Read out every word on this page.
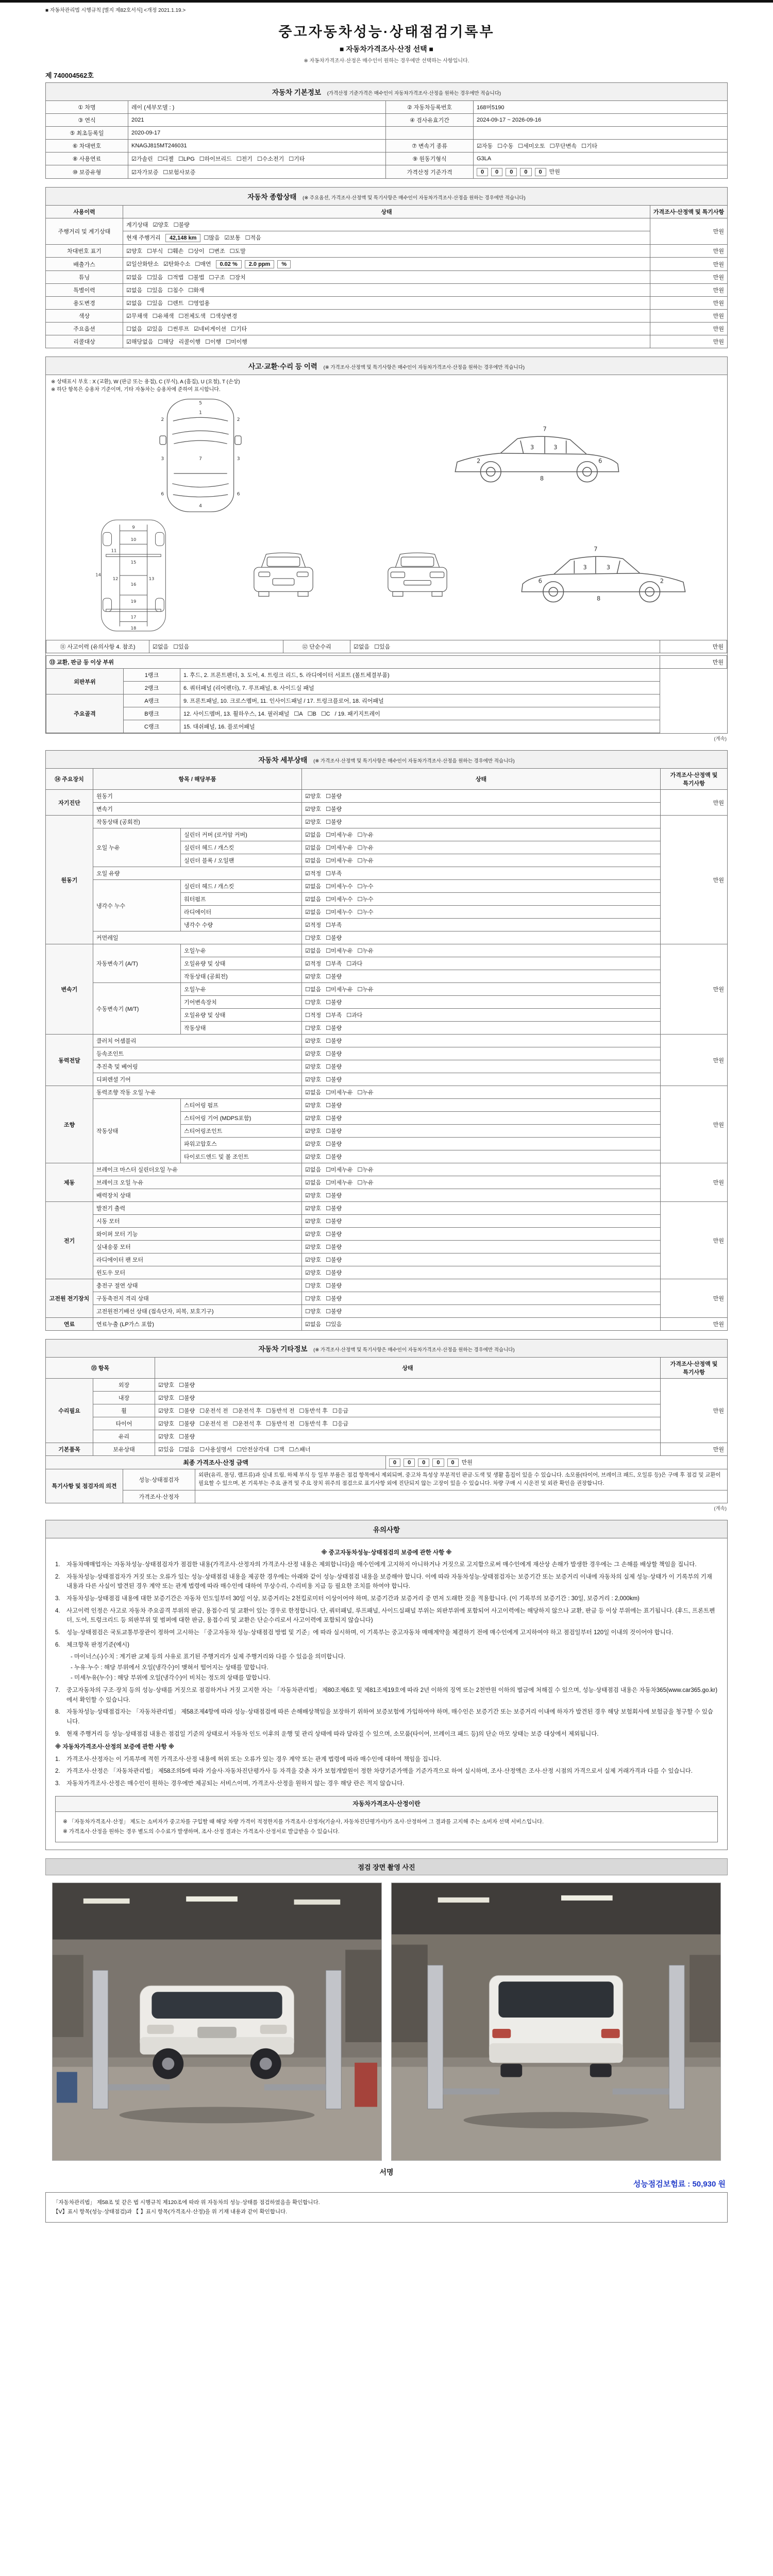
■ 자동차관리법 시행규칙 [별지 제82호서식] <개정 2021.1.19.>
중고자동차성능·상태점검기록부
■ 자동차가격조사·산정 선택 ■
※ 자동차가격조사·산정은 매수인이 원하는 경우에만 선택하는 사항입니다.
제 740004562호
자동차 기본정보 (가격산정 기준가격은 매수인이 자동차가격조사·산정을 원하는 경우에만 적습니다)			
① 차명	레이 (세부모델 : )	② 자동차등록번호	168머5190
③ 연식	2021	④ 검사유효기간	2024-09-17 ~ 2026-09-16
⑤ 최초등록일	2020-09-17		
⑥ 차대번호	KNAGJ815MT246031	⑦ 변속기 종류	☑자동 ☐수동 ☐세미오토 ☐무단변속 ☐기타
⑧ 사용연료	☑가솔린 ☐디젤 ☐LPG ☐하이브리드 ☐전기 ☐수소전기 ☐기타	⑨ 원동기형식	G3LA
⑩ 보증유형	☑자가보증 ☐보험사보증	가격산정 기준가격	0 0 0 0 0 만원
자동차 종합상태 (※ 주요옵션, 가격조사·산정액 및 특기사항은 매수인이 자동차가격조사·산정을 원하는 경우에만 적습니다)		
사용이력	상태	가격조사·산정액 및 특기사항
주행거리 및 계기상태	계기상태 ☑양호 ☐불량	만원
	현재 주행거리 42,148 km ☐많음 ☑보통 ☐적음	
차대번호 표기	☑양호 ☐부식 ☐훼손 ☐상이 ☐변조 ☐도말	만원
배출가스	☑일산화탄소 ☑탄화수소 ☐매연 0.02 % 2.0 ppm%	만원
튜닝	☑없음 ☐있음 ☐적법 ☐불법 ☐구조 ☐장치	만원
특별이력	☑없음 ☐있음 ☐침수 ☐화재	만원
용도변경	☑없음 ☐있음 ☐렌트 ☐영업용	만원
색상	☑무채색 ☐유채색 ☐전체도색 ☐색상변경	만원
주요옵션	☐없음 ☑있음 ☐썬루프 ☑네비게이션 ☐기타	만원
리콜대상	☑해당없음 ☐해당 리콜이행 ☐이행 ☐미이행	만원
사고·교환·수리 등 이력 (※ 가격조사·산정액 및 특기사항은 매수인이 자동차가격조사·산정을 원하는 경우에만 적습니다)
※ 상태표시 부호 : X (교환), W (판금 또는 용접), C (부식), A (흠집), U (요철), T (손상)
※ 하단 항목은 승용차 기준이며, 기타 자동차는 승용차에 준하여 표시합니다.
5
1
7
4
2	2
3	3
6	6
2
3	3
6
8
7
9
10
11
15
12	13
16
19
17
18
14
2
3
3
6
8
7
⑪ 사고이력 (유의사항 4. 참조)	☑없음 ☐있음	⑫ 단순수리	☑없음 ☐있음	만원
⑬ 교환, 판금 등 이상 부위			만원
외판부위	1랭크	1. 후드, 2. 프론트펜더, 3. 도어, 4. 트렁크 리드, 5. 라디에이터 서포트 (볼트체결부품)	
	2랭크	6. 쿼터패널 (리어펜더), 7. 루프패널, 8. 사이드실 패널	
주요골격	A랭크	9. 프론트패널, 10. 크로스멤버, 11. 인사이드패널 / 17. 트렁크플로어, 18. 리어패널	
	B랭크	12. 사이드멤버, 13. 휠하우스, 14. 필러패널 ☐A ☐B ☐C / 19. 패키지트레이	
	C랭크	15. 대쉬패널, 16. 플로어패널	
(계속)
자동차 세부상태 (※ 가격조사·산정액 및 특기사항은 매수인이 자동차가격조사·산정을 원하는 경우에만 적습니다)				
⑭ 주요장치	항목 / 해당부품		상태	가격조사·산정액 및 특기사항
자기진단	원동기		☑양호 ☐불량	만원
	변속기		☑양호 ☐불량	
원동기	작동상태 (공회전)		☑양호 ☐불량	만원
	오일 누유	실린더 커버 (로커암 커버)	☑없음 ☐미세누유 ☐누유	
		실린더 헤드 / 개스킷	☑없음 ☐미세누유 ☐누유	
		실린더 블록 / 오일팬	☑없음 ☐미세누유 ☐누유	
	오일 유량		☑적정 ☐부족	
	냉각수 누수	실린더 헤드 / 개스킷	☑없음 ☐미세누수 ☐누수	
		워터펌프	☑없음 ☐미세누수 ☐누수	
		라디에이터	☑없음 ☐미세누수 ☐누수	
		냉각수 수량	☑적정 ☐부족	
	커먼레일		☐양호 ☐불량	
변속기	자동변속기 (A/T)	오일누유	☑없음 ☐미세누유 ☐누유	만원
		오일유량 및 상태	☑적정 ☐부족 ☐과다	
		작동상태 (공회전)	☑양호 ☐불량	
	수동변속기 (M/T)	오일누유	☐없음 ☐미세누유 ☐누유	
		기어변속장치	☐양호 ☐불량	
		오일유량 및 상태	☐적정 ☐부족 ☐과다	
		작동상태	☐양호 ☐불량	
동력전달	클러치 어셈블리		☑양호 ☐불량	만원
	등속조인트		☑양호 ☐불량	
	추진축 및 베어링		☑양호 ☐불량	
	디퍼렌셜 기어		☑양호 ☐불량	
조향	동력조향 작동 오일 누유		☑없음 ☐미세누유 ☐누유	만원
	작동상태	스티어링 펌프	☑양호 ☐불량	
		스티어링 기어 (MDPS포함)	☑양호 ☐불량	
		스티어링조인트	☑양호 ☐불량	
		파워고압호스	☑양호 ☐불량	
		타이로드엔드 및 볼 조인트	☑양호 ☐불량	
제동	브레이크 마스터 실린더오일 누유		☑없음 ☐미세누유 ☐누유	만원
	브레이크 오일 누유		☑없음 ☐미세누유 ☐누유	
	배력장치 상태		☑양호 ☐불량	
전기	발전기 출력		☑양호 ☐불량	만원
	시동 모터		☑양호 ☐불량	
	와이퍼 모터 기능		☑양호 ☐불량	
	실내송풍 모터		☑양호 ☐불량	
	라디에이터 팬 모터		☑양호 ☐불량	
	윈도우 모터		☑양호 ☐불량	
고전원 전기장치	충전구 절연 상태		☐양호 ☐불량	만원
	구동축전지 격리 상태		☐양호 ☐불량	
	고전원전기배선 상태 (접속단자, 피복, 보호기구)		☐양호 ☐불량	
연료	연료누출 (LP가스 포함)		☑없음 ☐있음	만원
자동차 기타정보 (※ 가격조사·산정액 및 특기사항은 매수인이 자동차가격조사·산정을 원하는 경우에만 적습니다)			
⑮ 항목		상태	가격조사·산정액 및 특기사항
수리필요	외장	☑양호 ☐불량	만원
	내장	☑양호 ☐불량	
	휠	☑양호 ☐불량 ☐운전석 전 ☐운전석 후 ☐동반석 전 ☐동반석 후 ☐응급	
	타이어	☑양호 ☐불량 ☐운전석 전 ☐운전석 후 ☐동반석 전 ☐동반석 후 ☐응급	
	유리	☑양호 ☐불량	
기본품목	보유상태	☑있음 ☐없음 ☐사용설명서 ☐안전삼각대 ☐잭 ☐스패너	만원
최종 가격조사·산정 금액	0 0 0 0 0 만원
특기사항 및 점검자의 의견	성능·상태점검자	외판(유리, 몰딩, 램프류)과 실내 트림, 하체 부식 등 일부 부품은 점검 항목에서 제외되며, 중고차 특성상 부분적인 판금·도색 및 생활 흠집이 있을 수 있습니다. 소모품(타이어, 브레이크 패드, 오일류 등)은 구매 후 점검 및 교환이 필요할 수 있으며, 본 기록부는 주요 골격 및 주요 장치 위주의 점검으로 표기사항 외에 진단되지 않는 고장이 있을 수 있습니다. 차량 구매 시 시운전 및 외관 확인을 권장합니다.
	가격조사·산정자	
(계속)
유의사항
※ 중고자동차성능·상태점검의 보증에 관한 사항 ※
1.	자동차매매업자는 자동차성능·상태점검자가 점검한 내용(가격조사·산정자의 가격조사·산정 내용은 제외합니다)을 매수인에게 고지하지 아니하거나 거짓으로 고지함으로써 매수인에게 재산상 손해가 발생한 경우에는 그 손해를 배상할 책임을 집니다.
2.	자동차성능·상태점검자가 거짓 또는 오류가 있는 성능·상태점검 내용을 제공한 경우에는 아래와 같이 성능·상태점검 내용을 보증해야 합니다. 이에 따라 자동차성능·상태점검자는 보증기간 또는 보증거리 이내에 자동차의 실제 성능·상태가 이 기록부의 기재 내용과 다른 사실이 발견된 경우 계약 또는 관계 법령에 따라 매수인에 대하여 무상수리, 수리비용 지급 등 필요한 조치를 하여야 합니다.
3.	자동차성능·상태점검 내용에 대한 보증기간은 자동차 인도일부터 30일 이상, 보증거리는 2천킬로미터 이상이어야 하며, 보증기간과 보증거리 중 먼저 도래한 것을 적용합니다. (이 기록부의 보증기간 : 30일, 보증거리 : 2,000km)
4.	사고이력 인정은 사고로 자동차 주요골격 부위의 판금, 용접수리 및 교환이 있는 경우로 한정합니다. 단, 쿼터패널, 루프패널, 사이드실패널 부위는 외판부위에 포함되어 사고이력에는 해당하지 않으나 교환, 판금 등 이상 부위에는 표기됩니다. (후드, 프론트펜더, 도어, 트렁크리드 등 외판부위 및 범퍼에 대한 판금, 용접수리 및 교환은 단순수리로서 사고이력에 포함되지 않습니다)
5.	성능·상태점검은 국토교통부장관이 정하여 고시하는 「중고자동차 성능·상태점검 방법 및 기준」에 따라 실시하며, 이 기록부는 중고자동차 매매계약을 체결하기 전에 매수인에게 고지하여야 하고 점검일부터 120일 이내의 것이어야 합니다.
6.	체크항목 판정기준(예시)
- 마이너스(-)수치 : 계기판 교체 등의 사유로 표기된 주행거리가 실제 주행거리와 다를 수 있음을 의미합니다.
- 누유·누수 : 해당 부위에서 오일(냉각수)이 맺혀서 떨어지는 상태를 말합니다.
- 미세누유(누수) : 해당 부위에 오일(냉각수)이 비치는 정도의 상태를 말합니다.
7.	중고자동차의 구조·장치 등의 성능·상태를 거짓으로 점검하거나 거짓 고지한 자는 「자동차관리법」 제80조제6호 및 제81조제19호에 따라 2년 이하의 징역 또는 2천만원 이하의 벌금에 처해질 수 있으며, 성능·상태점검 내용은 자동차365(www.car365.go.kr)에서 확인할 수 있습니다.
8.	자동차성능·상태점검자는 「자동차관리법」 제58조제4항에 따라 성능·상태점검에 따른 손해배상책임을 보장하기 위하여 보증보험에 가입하여야 하며, 매수인은 보증기간 또는 보증거리 이내에 하자가 발견된 경우 해당 보험회사에 보험금을 청구할 수 있습니다.
9.	현재 주행거리 등 성능·상태점검 내용은 점검일 기준의 상태로서 자동차 인도 이후의 운행 및 관리 상태에 따라 달라질 수 있으며, 소모품(타이어, 브레이크 패드 등)의 단순 마모 상태는 보증 대상에서 제외됩니다.
※ 자동차가격조사·산정의 보증에 관한 사항 ※
1.	가격조사·산정자는 이 기록부에 적힌 가격조사·산정 내용에 허위 또는 오류가 있는 경우 계약 또는 관계 법령에 따라 매수인에 대하여 책임을 집니다.
2.	가격조사·산정은 「자동차관리법」 제58조의5에 따라 기술사·자동차진단평가사 등 자격을 갖춘 자가 보험개발원이 정한 차량기준가액을 기준가격으로 하여 실시하며, 조사·산정액은 조사·산정 시점의 가격으로서 실제 거래가격과 다를 수 있습니다.
3.	자동차가격조사·산정은 매수인이 원하는 경우에만 제공되는 서비스이며, 가격조사·산정을 원하지 않는 경우 해당 란은 적지 않습니다.
자동차가격조사·산정이란
※ 「자동차가격조사·산정」 제도는 소비자가 중고차를 구입할 때 해당 차량 가격이 적정한지를 가격조사·산정자(기술사, 자동차진단평가사)가 조사·산정하여 그 결과를 고지해 주는 소비자 선택 서비스입니다.
※ 가격조사·산정을 원하는 경우 별도의 수수료가 발생하며, 조사·산정 결과는 가격조사·산정서로 발급받을 수 있습니다.
점검 장면 촬영 사진
서명
성능점검보험료 : 50,930 원
「자동차관리법」 제58조 및 같은 법 시행규칙 제120조에 따라 위 자동차의 성능·상태를 점검하였음을 확인합니다.
【V】표시 항목(성능·상태점검)과 【 】표시 항목(가격조사·산정)을 위 기재 내용과 같이 확인합니다.
